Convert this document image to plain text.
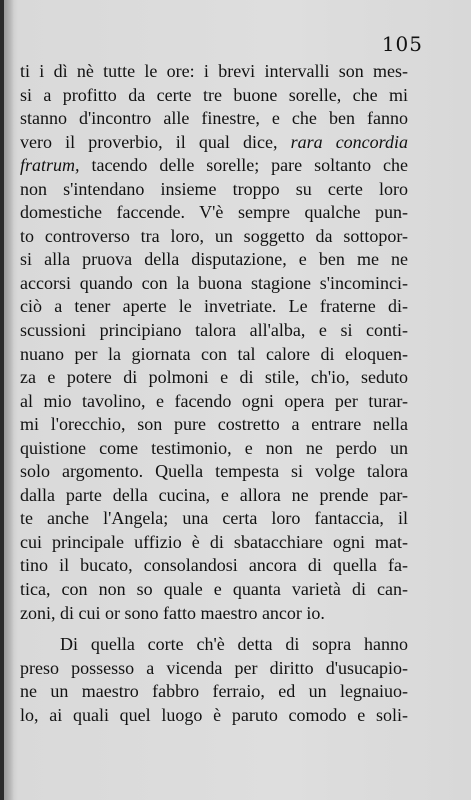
105
ti i dì nè tutte le ore: i brevi intervalli son mes-
si a profitto da certe tre buone sorelle, che mi
stanno d'incontro alle finestre, e che ben fanno
vero il proverbio, il qual dice, rara concordia
fratrum, tacendo delle sorelle; pare soltanto che
non s'intendano insieme troppo su certe loro
domestiche faccende. V'è sempre qualche pun-
to controverso tra loro, un soggetto da sottopor-
si alla pruova della disputazione, e ben me ne
accorsi quando con la buona stagione s'incominci-
ciò a tener aperte le invetriate. Le fraterne di-
scussioni principiano talora all'alba, e si conti-
nuano per la giornata con tal calore di eloquen-
za e potere di polmoni e di stile, ch'io, seduto
al mio tavolino, e facendo ogni opera per turar-
mi l'orecchio, son pure costretto a entrare nella
quistione come testimonio, e non ne perdo un
solo argomento. Quella tempesta si volge talora
dalla parte della cucina, e allora ne prende par-
te anche l'Angela; una certa loro fantaccia, il
cui principale uffizio è di sbatacchiare ogni mat-
tino il bucato, consolandosi ancora di quella fa-
tica, con non so quale e quanta varietà di can-
zoni, di cui or sono fatto maestro ancor io.
Di quella corte ch'è detta di sopra hanno
preso possesso a vicenda per diritto d'usucapio-
ne un maestro fabbro ferraio, ed un legnaiuo-
lo, ai quali quel luogo è paruto comodo e soli-
